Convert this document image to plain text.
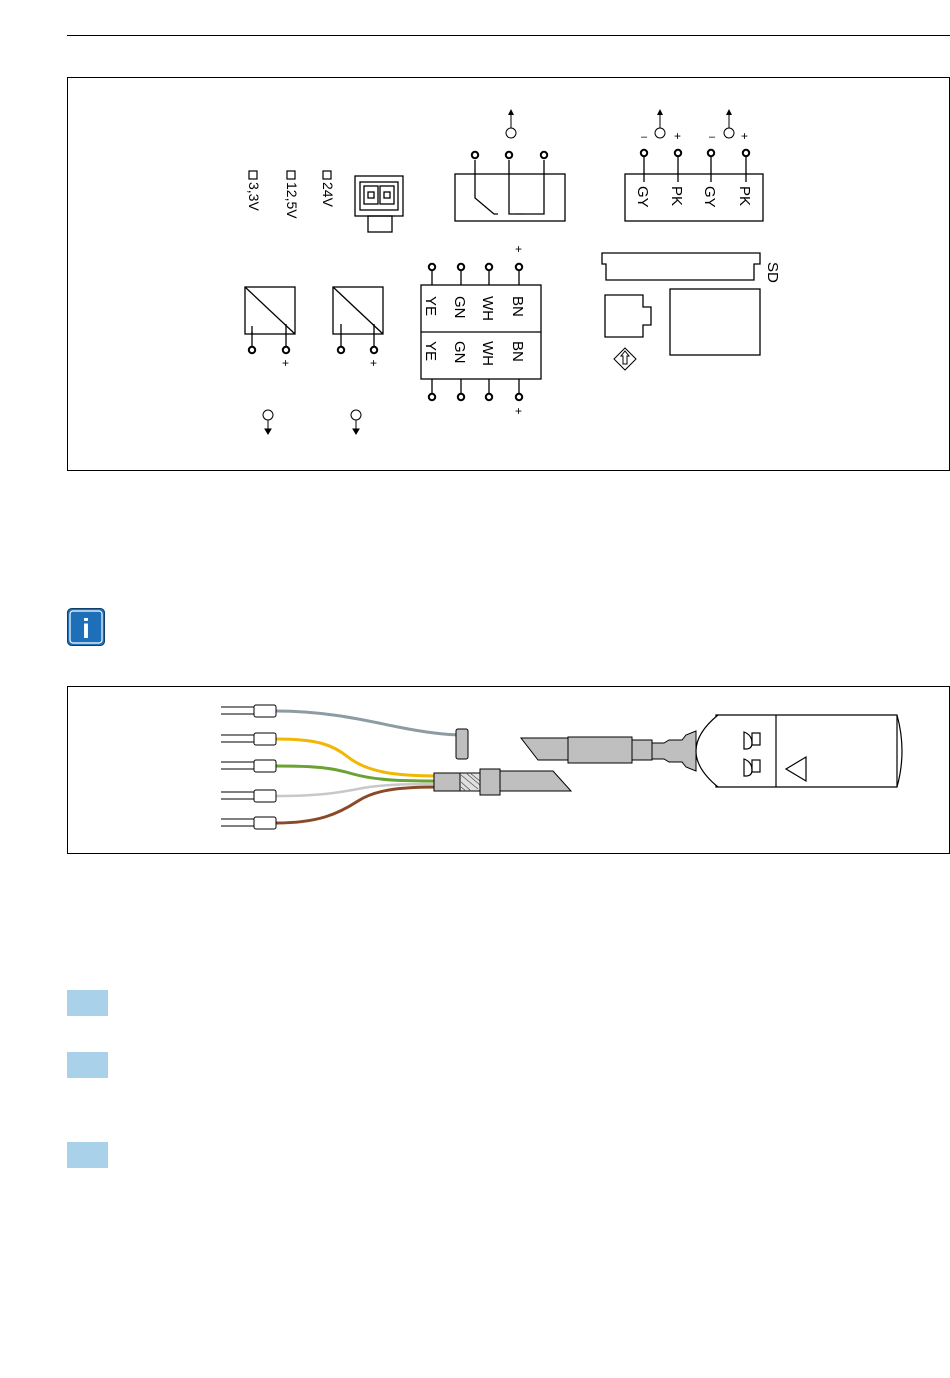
3,3V 12,5V 24V	GY PK GY PK
– +	– +
+	+
+
+
YE GN WH BN
YE GN WH BN
SD
i
